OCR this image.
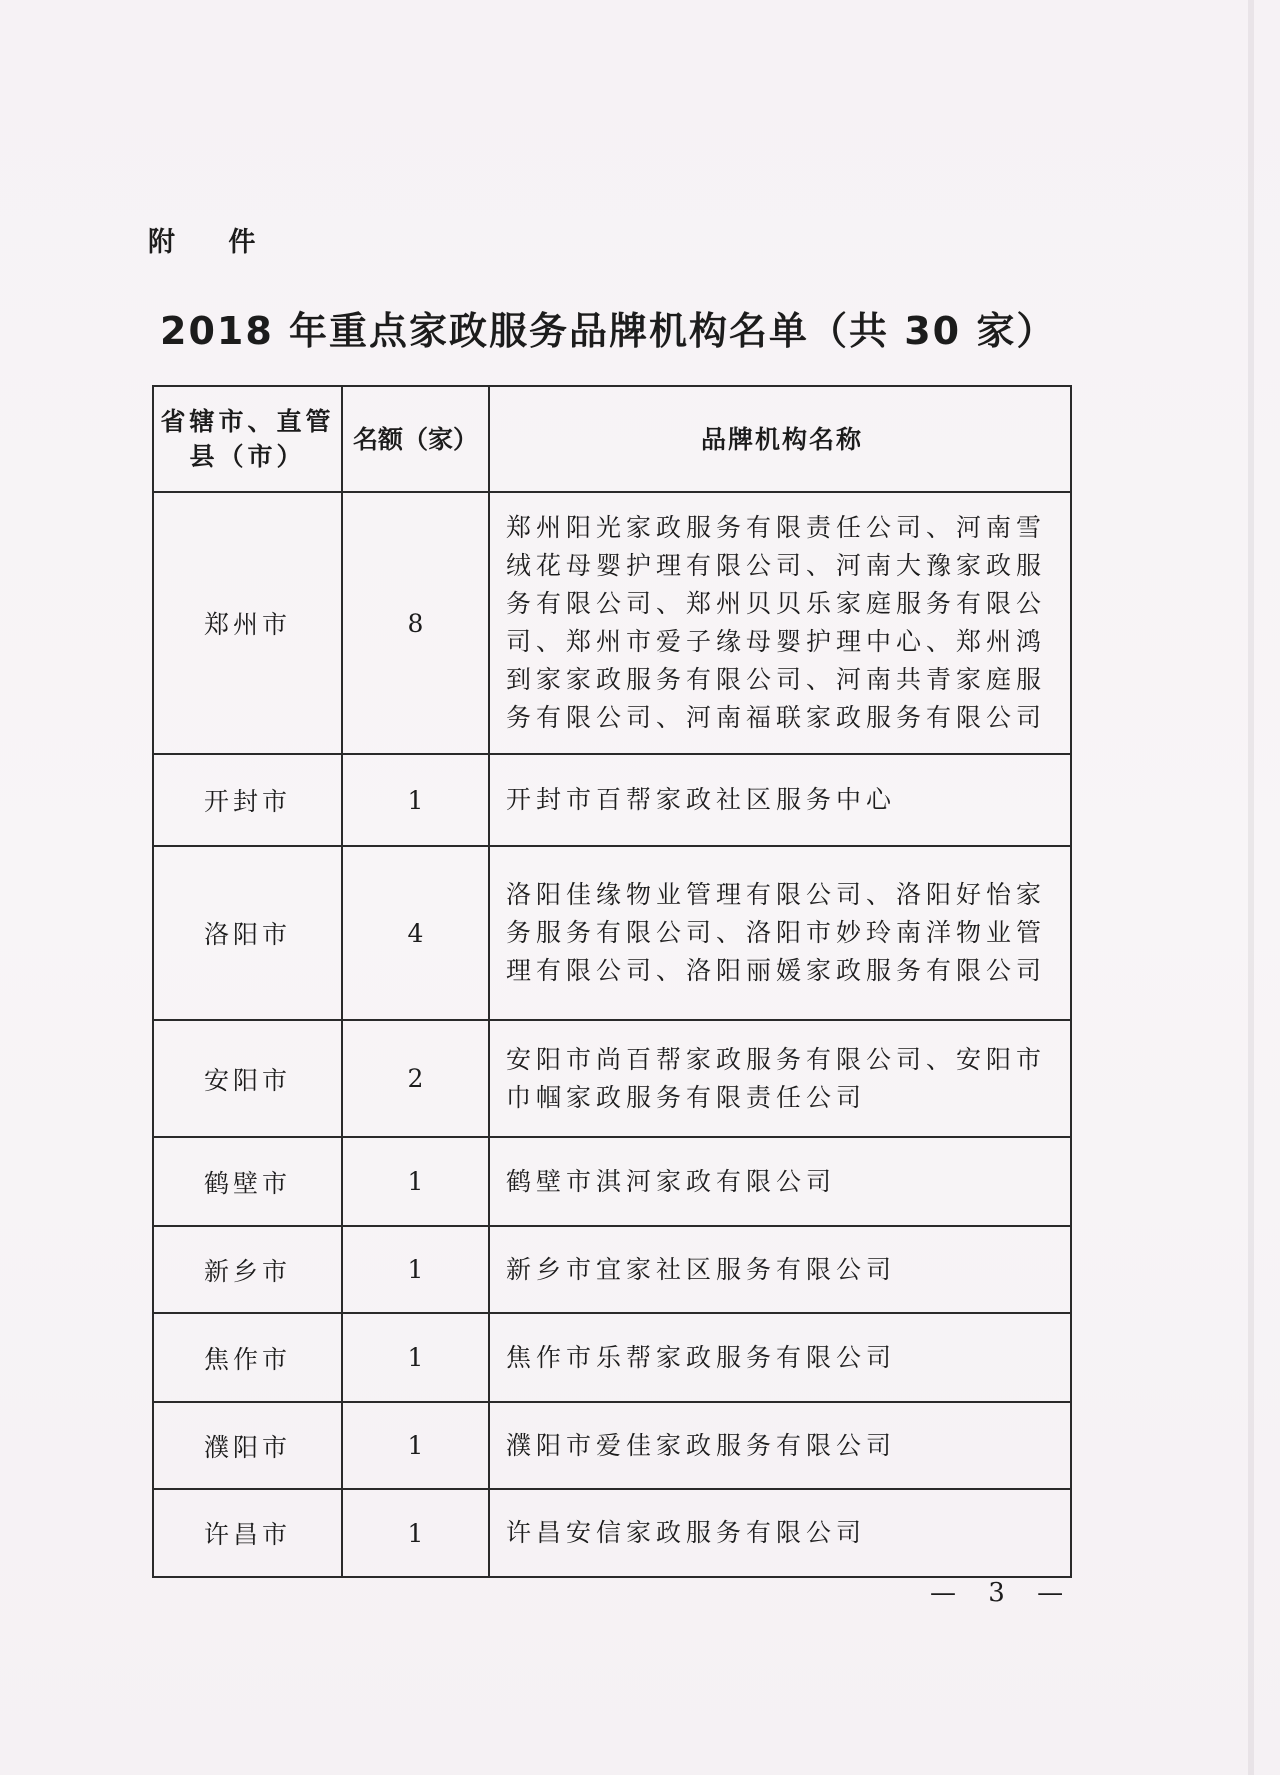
附 件
2018 年重点家政服务品牌机构名单（共 30 家）
省辖市、直管县（市）	名额（家）	品牌机构名称
郑州市	8	郑州阳光家政服务有限责任公司、河南雪绒花母婴护理有限公司、河南大豫家政服务有限公司、郑州贝贝乐家庭服务有限公司、郑州市爱子缘母婴护理中心、郑州鸿到家家政服务有限公司、河南共青家庭服务有限公司、河南福联家政服务有限公司
开封市	1	开封市百帮家政社区服务中心
洛阳市	4	洛阳佳缘物业管理有限公司、洛阳好怡家务服务有限公司、洛阳市妙玲南洋物业管理有限公司、洛阳丽媛家政服务有限公司
安阳市	2	安阳市尚百帮家政服务有限公司、安阳市巾帼家政服务有限责任公司
鹤壁市	1	鹤壁市淇河家政有限公司
新乡市	1	新乡市宜家社区服务有限公司
焦作市	1	焦作市乐帮家政服务有限公司
濮阳市	1	濮阳市爱佳家政服务有限公司
许昌市	1	许昌安信家政服务有限公司
— 3 —
